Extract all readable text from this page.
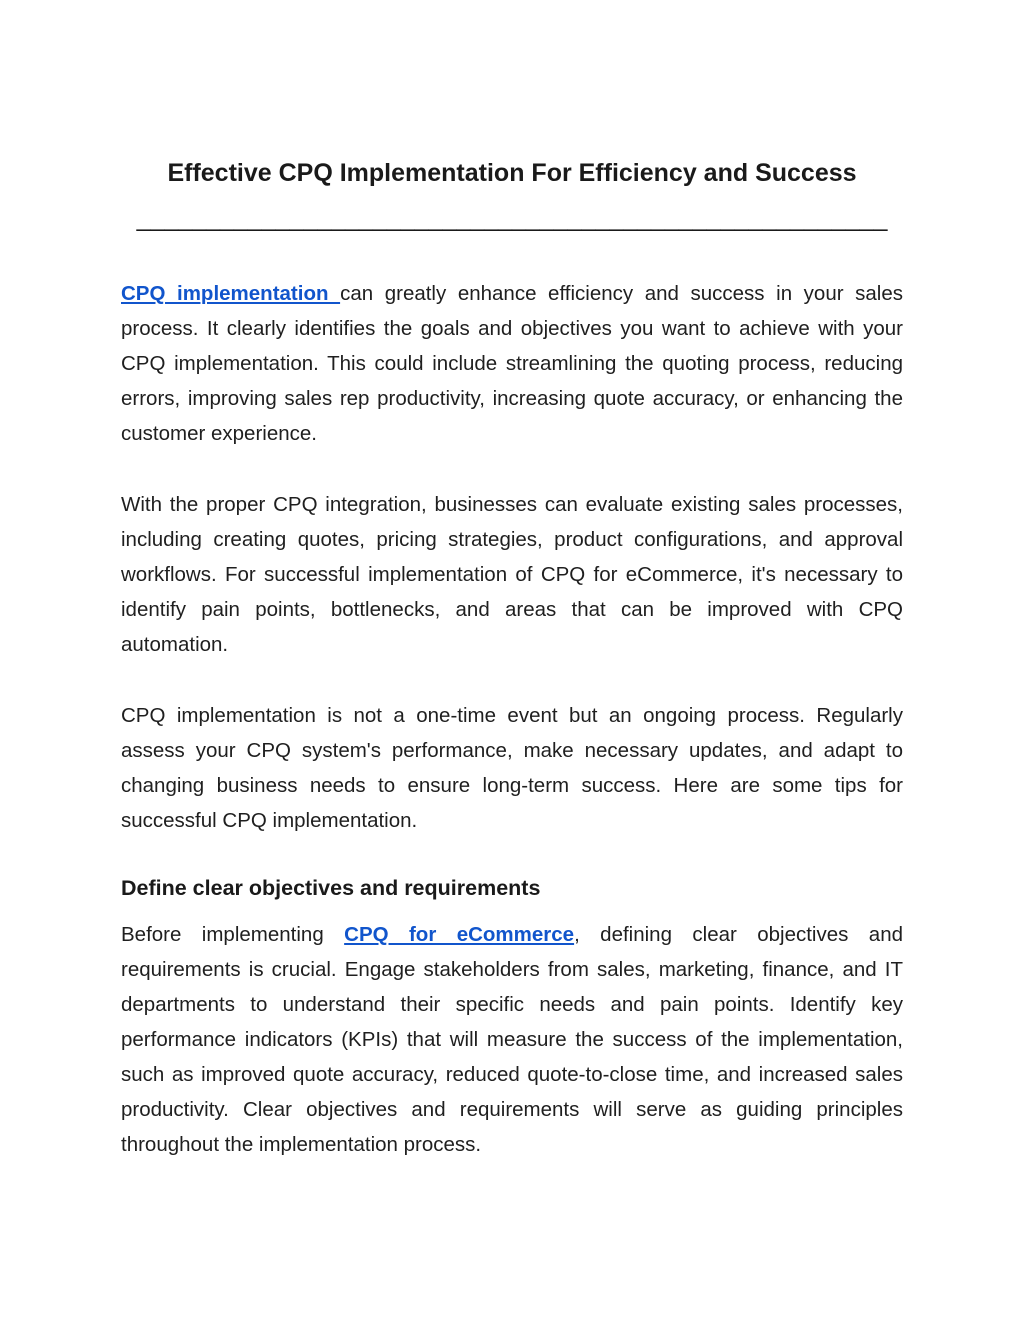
Effective CPQ Implementation For Efficiency and Success
______________________________________________________

CPQ implementation can greatly enhance efficiency and success in your sales process. It clearly identifies the goals and objectives you want to achieve with your CPQ implementation. This could include streamlining the quoting process, reducing errors, improving sales rep productivity, increasing quote accuracy, or enhancing the customer experience.

With the proper CPQ integration, businesses can evaluate existing sales processes, including creating quotes, pricing strategies, product configurations, and approval workflows. For successful implementation of CPQ for eCommerce, it's necessary to identify pain points, bottlenecks, and areas that can be improved with CPQ automation.

CPQ implementation is not a one-time event but an ongoing process. Regularly assess your CPQ system's performance, make necessary updates, and adapt to changing business needs to ensure long-term success. Here are some tips for successful CPQ implementation.

Define clear objectives and requirements

Before implementing CPQ for eCommerce, defining clear objectives and requirements is crucial. Engage stakeholders from sales, marketing, finance, and IT departments to understand their specific needs and pain points. Identify key performance indicators (KPIs) that will measure the success of the implementation, such as improved quote accuracy, reduced quote-to-close time, and increased sales productivity. Clear objectives and requirements will serve as guiding principles throughout the implementation process.
